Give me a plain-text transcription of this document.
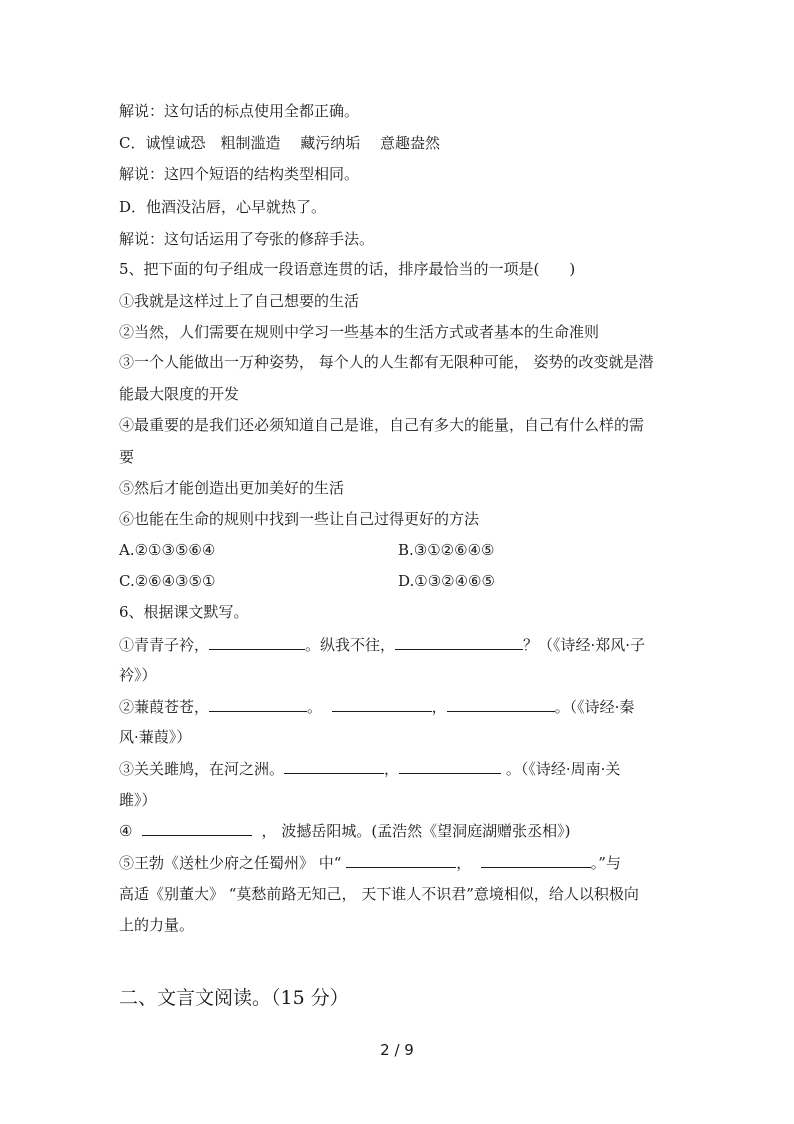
解说：这句话的标点使用全都正确。
C．诚惶诚恐　粗制滥造　 藏污纳垢　 意趣盎然
解说：这四个短语的结构类型相同。
D．他酒没沾唇，心早就热了。
解说：这句话运用了夸张的修辞手法。
5、把下面的句子组成一段语意连贯的话，排序最恰当的一项是(　　)
①我就是这样过上了自己想要的生活
②当然，人们需要在规则中学习一些基本的生活方式或者基本的生命准则
③一个人能做出一万种姿势， 每个人的人生都有无限种可能， 姿势的改变就是潜
能最大限度的开发
④最重要的是我们还必须知道自己是谁，自己有多大的能量，自己有什么样的需
要
⑤然后才能创造出更加美好的生活
⑥也能在生命的规则中找到一些让自己过得更好的方法
A.②①③⑤⑥④	B.③①②⑥④⑤
C.②⑥④③⑤①	D.①③②④⑥⑤
6、根据课文默写。
①青青子衿，	。纵我不往，	？（《诗经·郑风·子
衿》）
②蒹葭苍苍，	。	，	。（《诗经·秦
风·蒹葭》）
③关关雎鸠，在河之洲。	，	。（《诗经·周南·关
雎》）
④	， 波撼岳阳城。(孟浩然《望洞庭湖赠张丞相》)
⑤王勃《送杜少府之任蜀州》 中“	，	。”与
高适《别董大》 “莫愁前路无知己， 天下谁人不识君”意境相似，给人以积极向
上的力量。
二、文言文阅读。（15 分）
2 / 9
